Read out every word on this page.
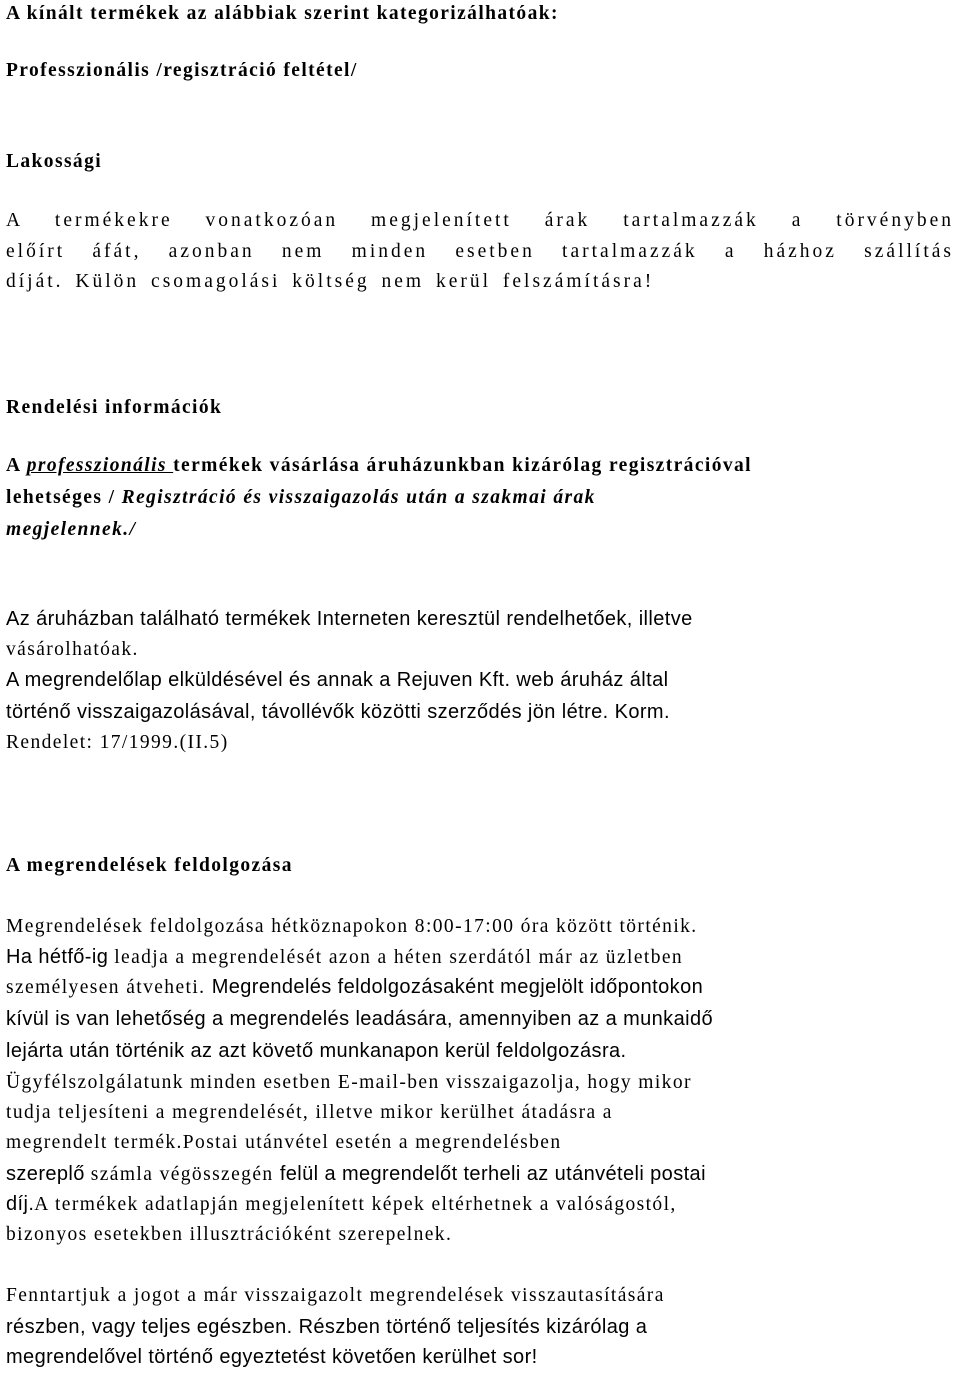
A kínált termékek az alábbiak szerint kategorizálhatóak:
Professzionális /regisztráció feltétel/
Lakossági
A termékekre vonatkozóan megjelenített árak tartalmazzák a törvényben
előírt áfát, azonban nem minden esetben tartalmazzák a házhoz szállítás
díját. Külön csomagolási költség nem kerül felszámításra!
Rendelési információk
A professzionális termékek vásárlása áruházunkban kizárólag regisztrációval
lehetséges / Regisztráció és visszaigazolás után a szakmai árak
megjelennek./
Az áruházban található termékek Interneten keresztül rendelhetőek, illetve
vásárolhatóak.
A megrendelőlap elküldésével és annak a Rejuven Kft. web áruház által
történő visszaigazolásával, távollévők közötti szerződés jön létre. Korm.
Rendelet: 17/1999.(II.5)
A megrendelések feldolgozása
Megrendelések feldolgozása hétköznapokon 8:00-17:00 óra között történik.
Ha hétfő-ig leadja a megrendelését azon a héten szerdától már az üzletben
személyesen átveheti. Megrendelés feldolgozásaként megjelölt időpontokon
kívül is van lehetőség a megrendelés leadására, amennyiben az a munkaidő
lejárta után történik az azt követő munkanapon kerül feldolgozásra.
Ügyfélszolgálatunk minden esetben E-mail-ben visszaigazolja, hogy mikor
tudja teljesíteni a megrendelését, illetve mikor kerülhet átadásra a
megrendelt termék.Postai utánvétel esetén a megrendelésben
szereplő számla végösszegén felül a megrendelőt terheli az utánvételi postai
díj.A termékek adatlapján megjelenített képek eltérhetnek a valóságostól,
bizonyos esetekben illusztrációként szerepelnek.
Fenntartjuk a jogot a már visszaigazolt megrendelések visszautasítására
részben, vagy teljes egészben. Részben történő teljesítés kizárólag a
megrendelővel történő egyeztetést követően kerülhet sor!
